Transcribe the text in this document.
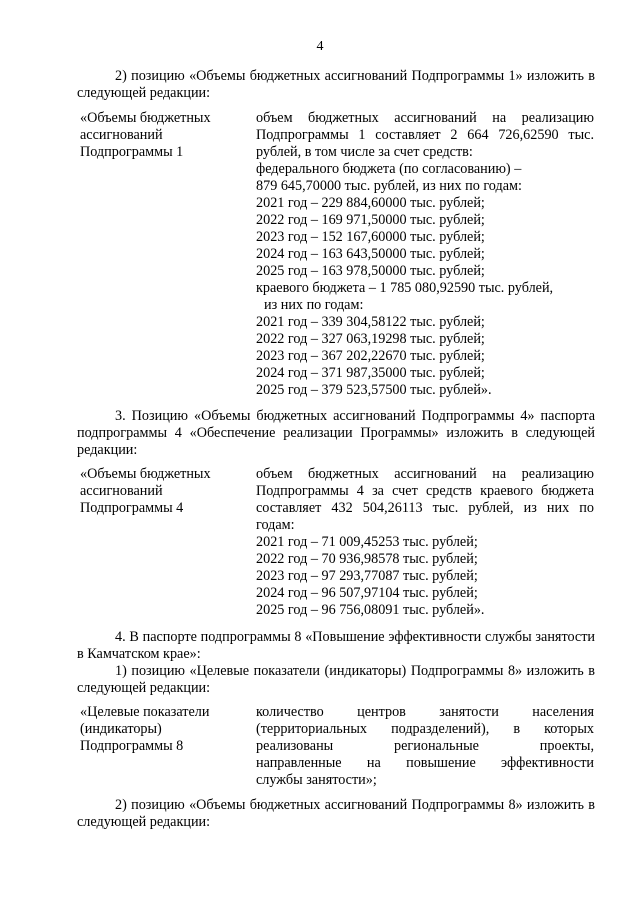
4
2) позицию «Объемы бюджетных ассигнований Подпрограммы 1» изложить в следующей редакции:
«Объемы бюджетных
ассигнований
Подпрограммы 1
объем бюджетных ассигнований на реализацию
Подпрограммы 1 составляет 2 664 726,62590 тыс.
рублей, в том числе за счет средств:
федерального бюджета (по согласованию) –
879 645,70000 тыс. рублей, из них по годам:
2021 год – 229 884,60000 тыс. рублей;
2022 год – 169 971,50000 тыс. рублей;
2023 год – 152 167,60000 тыс. рублей;
2024 год – 163 643,50000 тыс. рублей;
2025 год – 163 978,50000 тыс. рублей;
краевого бюджета – 1 785 080,92590 тыс. рублей,
из них по годам:
2021 год – 339 304,58122 тыс. рублей;
2022 год – 327 063,19298 тыс. рублей;
2023 год – 367 202,22670 тыс. рублей;
2024 год – 371 987,35000 тыс. рублей;
2025 год – 379 523,57500 тыс. рублей».
3. Позицию «Объемы бюджетных ассигнований Подпрограммы 4» паспорта подпрограммы 4 «Обеспечение реализации Программы» изложить в следующей редакции:
«Объемы бюджетных
ассигнований
Подпрограммы 4
объем бюджетных ассигнований на реализацию
Подпрограммы 4 за счет средств краевого бюджета
составляет 432 504,26113 тыс. рублей, из них по
годам:
2021 год – 71 009,45253 тыс. рублей;
2022 год – 70 936,98578 тыс. рублей;
2023 год – 97 293,77087 тыс. рублей;
2024 год – 96 507,97104 тыс. рублей;
2025 год – 96 756,08091 тыс. рублей».
4. В паспорте подпрограммы 8 «Повышение эффективности службы занятости в Камчатском крае»:
1) позицию «Целевые показатели (индикаторы) Подпрограммы 8» изложить в следующей редакции:
«Целевые показатели
(индикаторы)
Подпрограммы 8
количество центров занятости населения
(территориальных подразделений), в которых
реализованы региональные проекты,
направленные на повышение эффективности
службы занятости»;
2) позицию «Объемы бюджетных ассигнований Подпрограммы 8» изложить в следующей редакции:
